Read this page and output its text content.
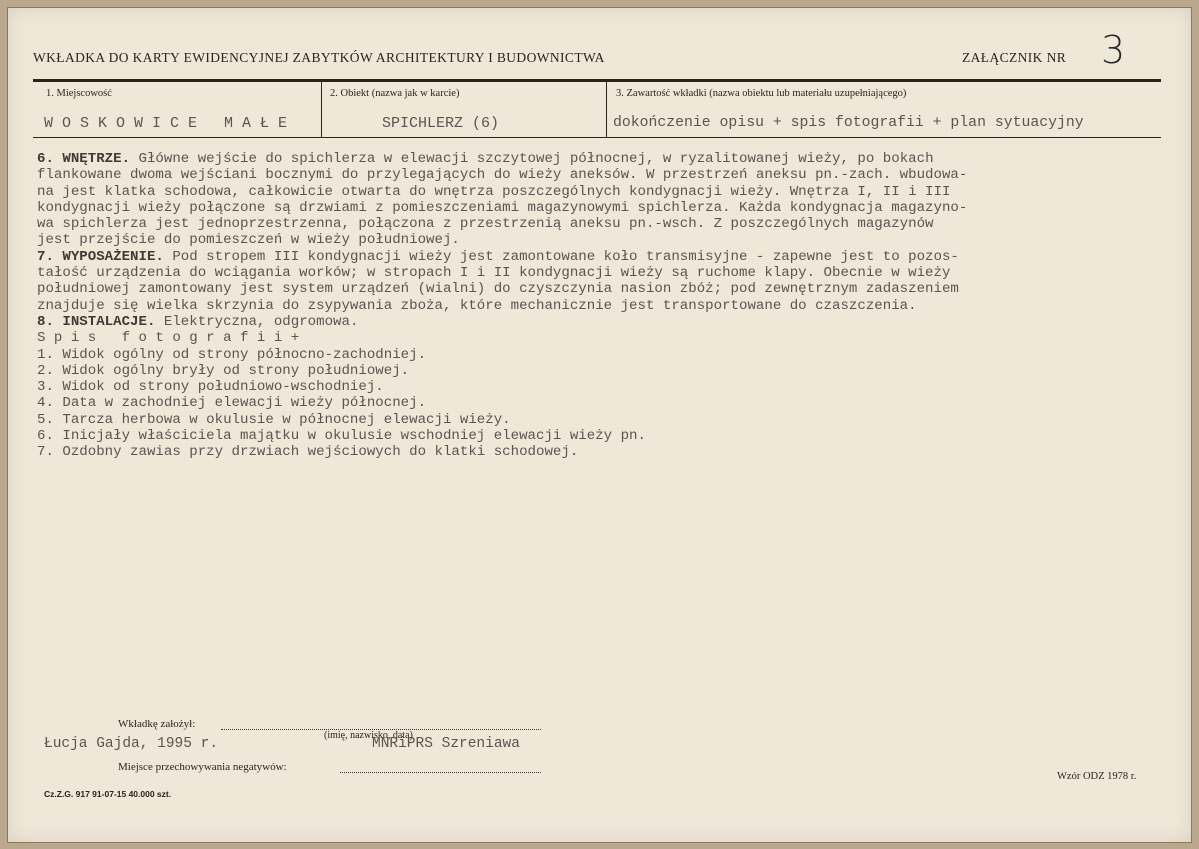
WKŁADKA DO KARTY EWIDENCYJNEJ ZABYTKÓW ARCHITEKTURY I BUDOWNICTWA	ZAŁĄCZNIK NR 3
1. Miejscowość	2. Obiekt (nazwa jak w karcie)	3. Zawartość wkładki (nazwa obiektu lub materiału uzupełniającego)
W O S K O W I C E   M A Ł E	SPICHLERZ (6)	dokończenie opisu + spis fotografii + plan sytuacyjny
6. WNĘTRZE. Główne wejście do spichlerza w elewacji szczytowej północnej, w ryzalitowanej wieży, po bokach
flankowane dwoma wejściani bocznymi do przylegających do wieży aneksów. W przestrzeń aneksu pn.-zach. wbudowa-
na jest klatka schodowa, całkowicie otwarta do wnętrza poszczególnych kondygnacji wieży. Wnętrza I, II i III
kondygnacji wieży połączone są drzwiami z pomieszczeniami magazynowymi spichlerza. Każda kondygnacja magazyno-
wa spichlerza jest jednoprzestrzenna, połączona z przestrzenią aneksu pn.-wsch. Z poszczególnych magazynów
jest przejście do pomieszczeń w wieży południowej.
7. WYPOSAŻENIE. Pod stropem III kondygnacji wieży jest zamontowane koło transmisyjne - zapewne jest to pozos-
tałość urządzenia do wciągania worków; w stropach I i II kondygnacji wieży są ruchome klapy. Obecnie w wieży
południowej zamontowany jest system urządzeń (wialni) do czyszczynia nasion zbóż; pod zewnętrznym zadaszeniem
znajduje się wielka skrzynia do zsypywania zboża, które mechanicznie jest transportowane do czaszczenia.
8. INSTALACJE. Elektryczna, odgromowa.
S p i s   f o t o g r a f i i +
1. Widok ogólny od strony północno-zachodniej.
2. Widok ogólny bryły od strony południowej.
3. Widok od strony południowo-wschodniej.
4. Data w zachodniej elewacji wieży północnej.
5. Tarcza herbowa w okulusie w północnej elewacji wieży.
6. Inicjały właściciela majątku w okulusie wschodniej elewacji wieży pn.
7. Ozdobny zawias przy drzwiach wejściowych do klatki schodowej.
Wkładkę założył:
(imię, nazwisko, data)
Łucja Gajda, 1995 r.	MNRiPRS Szreniawa
Miejsce przechowywania negatywów:
Cz.Z.G. 917 91-07-15 40.000 szt.
Wzór ODZ 1978 r.
